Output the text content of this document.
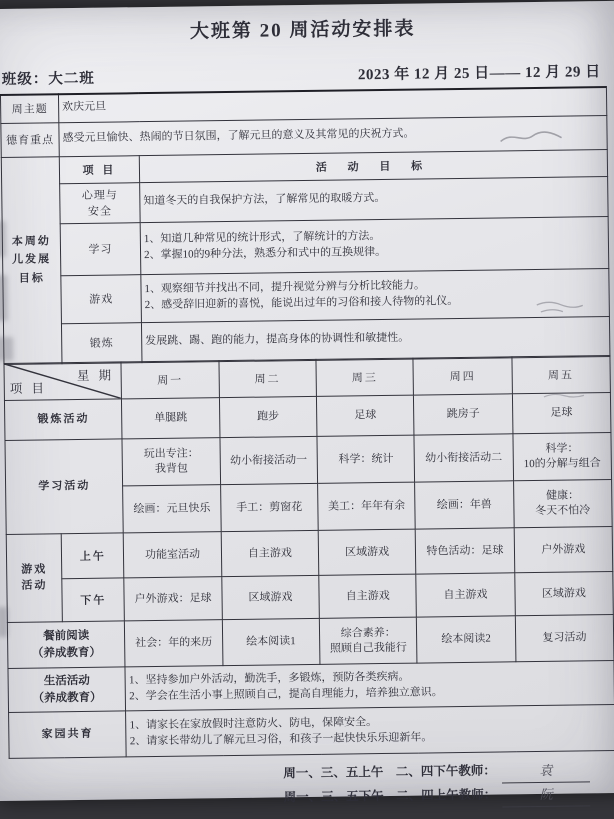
大班第 20 周活动安排表
班级：大二班	2023 年 12 月 25 日—— 12 月 29 日
周主题	欢庆元旦	
德育重点	感受元旦愉快、热闹的节日氛围，了解元旦的意义及其常见的庆祝方式。	
本周幼儿发展目标	项 目	活 动 目 标
	心理与
安全	知道冬天的自我保护方法，了解常见的取暖方式。
	学习	1、知道几种常见的统计形式，了解统计的方法。
2、掌握10的9种分法，熟悉分和式中的互换规律。
	游戏	1、观察细节并找出不同，提升视觉分辨与分析比较能力。
2、感受辞旧迎新的喜悦，能说出过年的习俗和接人待物的礼仪。
	锻炼	发展跳、踢、跑的能力，提高身体的协调性和敏捷性。
星 期
项 目		周一	周二	周三	周四	周五
锻炼活动		单腿跳	跑步	足球	跳房子	足球
学习活动		玩出专注：
我背包	幼小衔接活动一	科学：统计	幼小衔接活动二	科学：
10的分解与组合
		绘画：元旦快乐	手工：剪窗花	美工：年年有余	绘画：年兽	健康：
冬天不怕冷
游戏
活动	上午	功能室活动	自主游戏	区域游戏	特色活动：足球	户外游戏
	下午	户外游戏：足球	区域游戏	自主游戏	自主游戏	区域游戏
餐前阅读
（养成教育）		社会：年的来历	绘本阅读1	综合素养：
照顾自己我能行	绘本阅读2	复习活动
生活活动
（养成教育）		1、坚持参加户外活动，勤洗手，多锻炼，预防各类疾病。
2、学会在生活小事上照顾自己，提高自理能力，培养独立意识。				
家园共育		1、请家长在家放假时注意防火、防电，保障安全。
2、请家长带幼儿了解元旦习俗，和孩子一起快快乐乐迎新年。				
周一、三、五上午　二、四下午教师：	袁
周一、三、五下午　二、四上午教师：	阮
